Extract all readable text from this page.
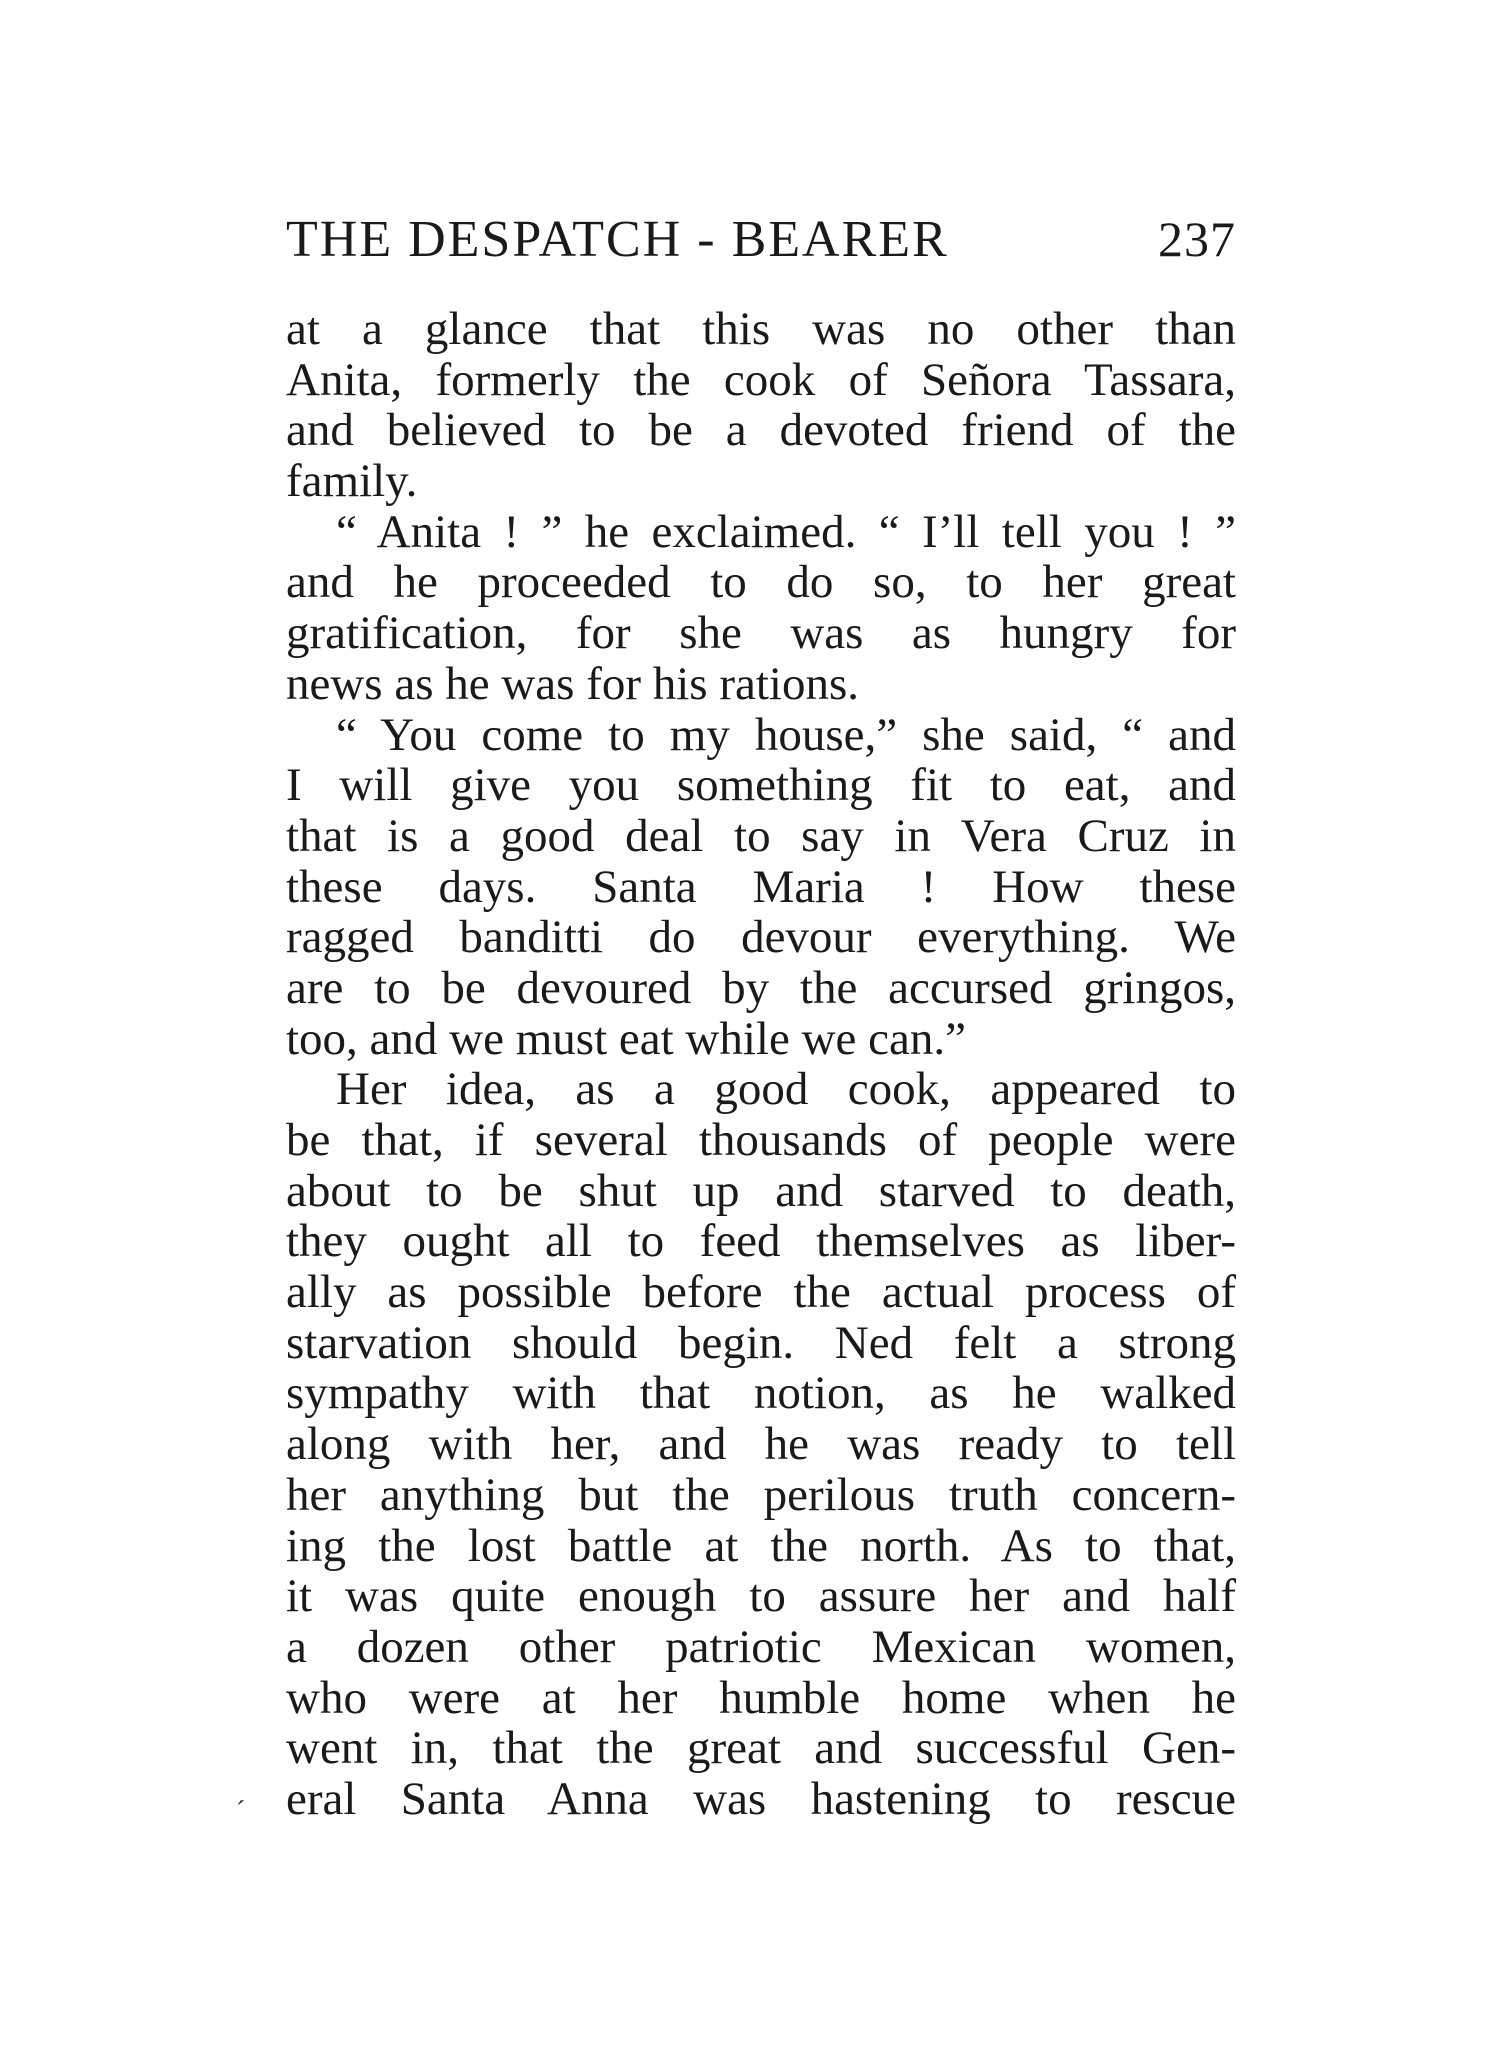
THE DESPATCH - BEARER	237
at a glance that this was no other than
Anita, formerly the cook of Señora Tassara,
and believed to be a devoted friend of the
family.
“ Anita ! ” he exclaimed. “ I’ll tell you ! ”
and he proceeded to do so, to her great
gratification, for she was as hungry for
news as he was for his rations.
“ You come to my house,” she said, “ and
I will give you something fit to eat, and
that is a good deal to say in Vera Cruz in
these days. Santa Maria ! How these
ragged banditti do devour everything. We
are to be devoured by the accursed gringos,
too, and we must eat while we can.”
Her idea, as a good cook, appeared to
be that, if several thousands of people were
about to be shut up and starved to death,
they ought all to feed themselves as liber-
ally as possible before the actual process of
starvation should begin. Ned felt a strong
sympathy with that notion, as he walked
along with her, and he was ready to tell
her anything but the perilous truth concern-
ing the lost battle at the north. As to that,
it was quite enough to assure her and half
a dozen other patriotic Mexican women,
who were at her humble home when he
went in, that the great and successful Gen-
eral Santa Anna was hastening to rescue
´
